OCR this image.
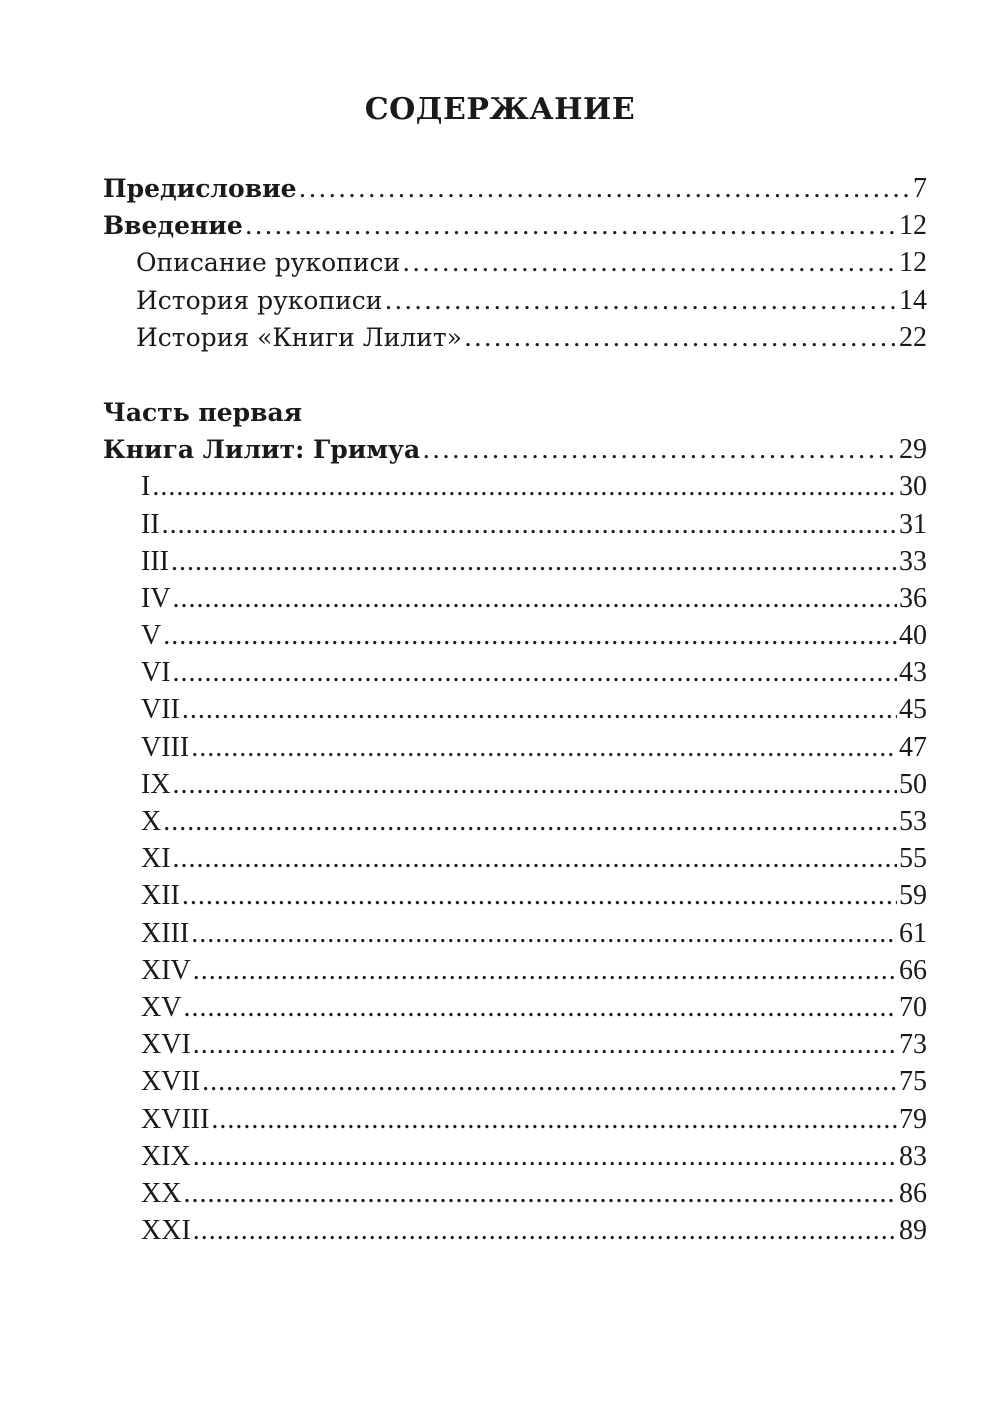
СОДЕРЖАНИЕ
Предисловие . . .	7
Введение . . .	12
Описание рукописи . . .	12
История рукописи . . .	14
История «Книги Лилит» . . .	22
Часть первая
Книга Лилит: Гримуа . . .	29
I . . .	30
II . . .	31
III . . .	33
IV . . .	36
V . . .	40
VI . . .	43
VII . . .	45
VIII . . .	47
IX . . .	50
X . . .	53
XI . . .	55
XII . . .	59
XIII . . .	61
XIV . . .	66
XV . . .	70
XVI . . .	73
XVII . . .	75
XVIII . . .	79
XIX . . .	83
XX . . .	86
XXI . . .	89
